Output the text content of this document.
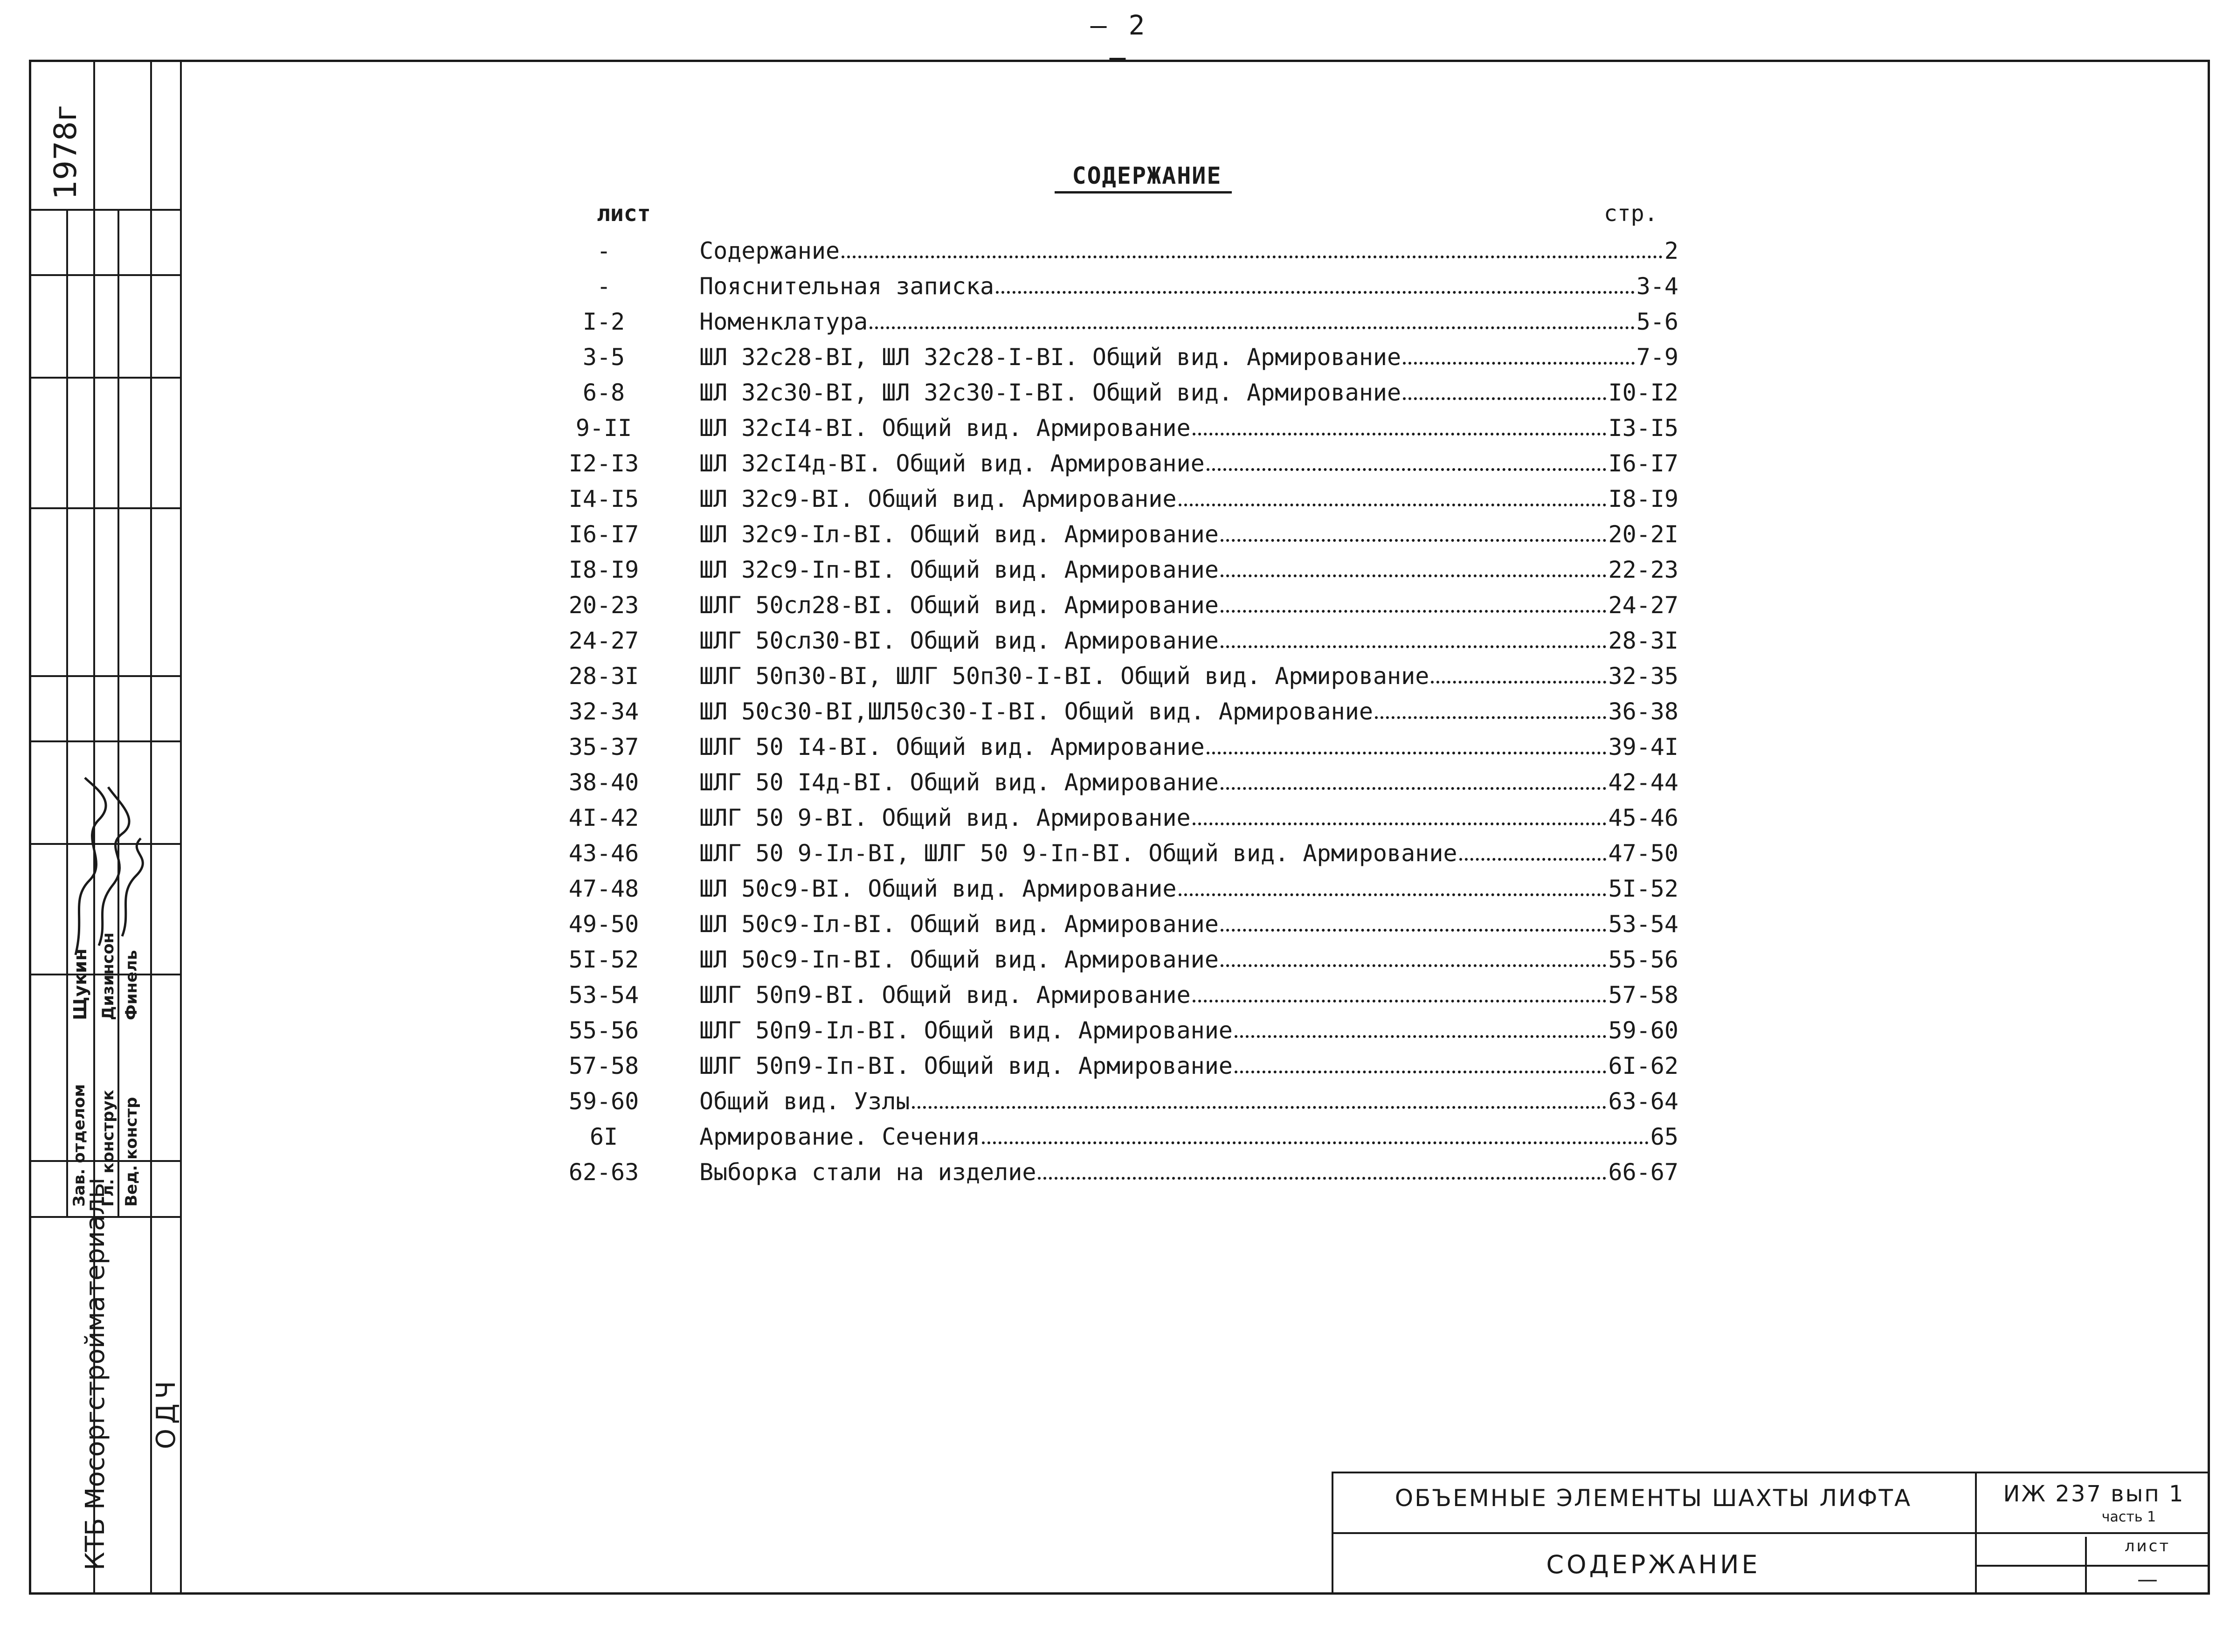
– 2 –
1978г
Зав. отделом Гл. конструк Вед. констр
Щукин Дизинсон Финель
КТБ Мосоргстройматериалы ОДЧ
СОДЕРЖАНИЕ
лист	стр.
-	Содержание	2
-	Пояснительная записка	3-4
I-2	Номенклатура	5-6
3-5	ШЛ 32с28-ВI, ШЛ 32с28-I-ВI. Общий вид. Армирование	7-9
6-8	ШЛ 32с30-ВI, ШЛ 32с30-I-ВI. Общий вид. Армирование	I0-I2
9-II	ШЛ 32сI4-ВI. Общий вид. Армирование	I3-I5
I2-I3	ШЛ 32сI4д-ВI. Общий вид. Армирование	I6-I7
I4-I5	ШЛ 32с9-ВI. Общий вид. Армирование	I8-I9
I6-I7	ШЛ 32с9-Iл-ВI. Общий вид. Армирование	20-2I
I8-I9	ШЛ 32с9-Iп-ВI. Общий вид. Армирование	22-23
20-23	ШЛГ 50сл28-ВI. Общий вид. Армирование	24-27
24-27	ШЛГ 50сл30-ВI. Общий вид. Армирование	28-3I
28-3I	ШЛГ 50п30-ВI, ШЛГ 50п30-I-ВI. Общий вид. Армирование	32-35
32-34	ШЛ 50с30-ВI,ШЛ50с30-I-ВI. Общий вид. Армирование	36-38
35-37	ШЛГ 50 I4-ВI. Общий вид. Армирование	39-4I
38-40	ШЛГ 50 I4д-ВI. Общий вид. Армирование	42-44
4I-42	ШЛГ 50 9-ВI. Общий вид. Армирование	45-46
43-46	ШЛГ 50 9-Iл-ВI, ШЛГ 50 9-Iп-ВI. Общий вид. Армирование	47-50
47-48	ШЛ 50с9-ВI. Общий вид. Армирование	5I-52
49-50	ШЛ 50с9-Iл-ВI. Общий вид. Армирование	53-54
5I-52	ШЛ 50с9-Iп-ВI. Общий вид. Армирование	55-56
53-54	ШЛГ 50п9-ВI. Общий вид. Армирование	57-58
55-56	ШЛГ 50п9-Iл-ВI. Общий вид. Армирование	59-60
57-58	ШЛГ 50п9-Iп-ВI. Общий вид. Армирование	6I-62
59-60	Общий вид. Узлы	63-64
6I	Армирование. Сечения	65
62-63	Выборка стали на изделие	66-67
ОБЪЕМНЫЕ ЭЛЕМЕНТЫ ШАХТЫ ЛИФТА
СОДЕРЖАНИЕ
ИЖ 237 вып 1
часть 1
лист
—
